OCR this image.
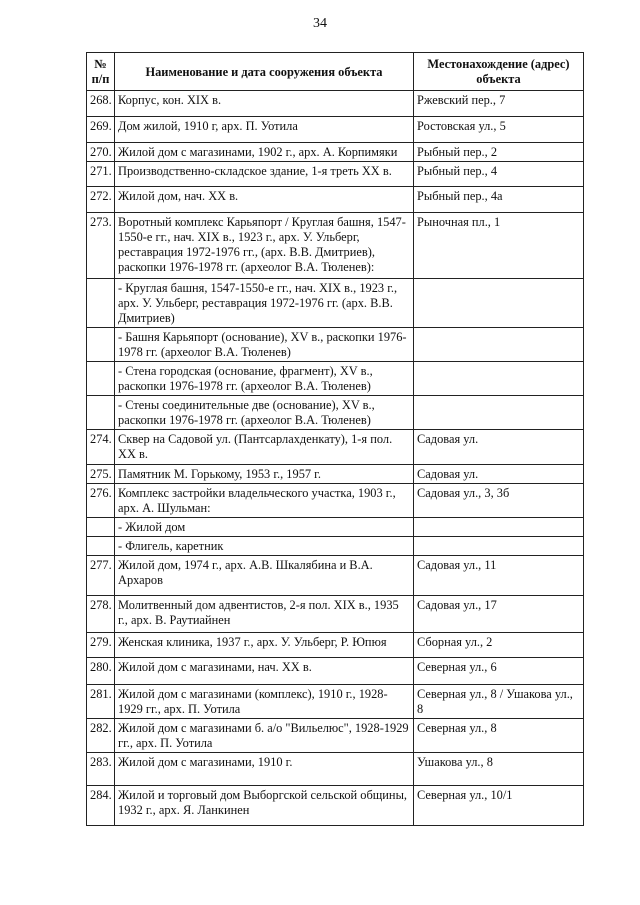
34
№ п/п	Наименование и дата сооружения объекта	Местонахождение (адрес) объекта
268.	Корпус, кон. XIX в.	Ржевский пер., 7
269.	Дом жилой, 1910 г, арх. П. Уотила	Ростовская ул., 5
270.	Жилой дом с магазинами, 1902 г., арх. А. Корпимяки	Рыбный пер., 2
271.	Производственно-складское здание, 1-я треть XX в.	Рыбный пер., 4
272.	Жилой дом, нач. XX в.	Рыбный пер., 4а
273.	Воротный комплекс Карьяпорт / Круглая башня, 1547-1550-е гг., нач. XIX в., 1923 г., арх. У. Ульберг, реставрация 1972-1976 гг., (арх. В.В. Дмитриев), раскопки 1976-1978 гг. (археолог В.А. Тюленев):	Рыночная пл., 1
	- Круглая башня, 1547-1550-е гг., нач. XIX в., 1923 г., арх. У. Ульберг, реставрация 1972-1976 гг. (арх. В.В. Дмитриев)	
	- Башня Карьяпорт (основание), XV в., раскопки 1976-1978 гг. (археолог В.А. Тюленев)	
	- Стена городская (основание, фрагмент), XV в., раскопки 1976-1978 гг. (археолог В.А. Тюленев)	
	- Стены соединительные две (основание), XV в., раскопки 1976-1978 гг. (археолог В.А. Тюленев)	
274.	Сквер на Садовой ул. (Пантсарлахденкату), 1-я пол. XX в.	Садовая ул.
275.	Памятник М. Горькому, 1953 г., 1957 г.	Садовая ул.
276.	Комплекс застройки владельческого участка, 1903 г., арх. А. Шульман:	Садовая ул., 3, 3б
	- Жилой дом	
	- Флигель, каретник	
277.	Жилой дом, 1974 г., арх. А.В. Шкалябина и В.А. Архаров	Садовая ул., 11
278.	Молитвенный дом адвентистов, 2-я пол. XIX в., 1935 г., арх. В. Раутиайнен	Садовая ул., 17
279.	Женская клиника, 1937 г., арх. У. Ульберг, Р. Юпюя	Сборная ул., 2
280.	Жилой дом с магазинами, нач. XX в.	Северная ул., 6
281.	Жилой дом с магазинами (комплекс), 1910 г., 1928-1929 гг., арх. П. Уотила	Северная ул., 8 / Ушакова ул., 8
282.	Жилой дом с магазинами б. а/о "Вильелюс", 1928-1929 гг., арх. П. Уотила	Северная ул., 8
283.	Жилой дом с магазинами, 1910 г.	Ушакова ул., 8
284.	Жилой и торговый дом Выборгской сельской общины, 1932 г., арх. Я. Ланкинен	Северная ул., 10/1
